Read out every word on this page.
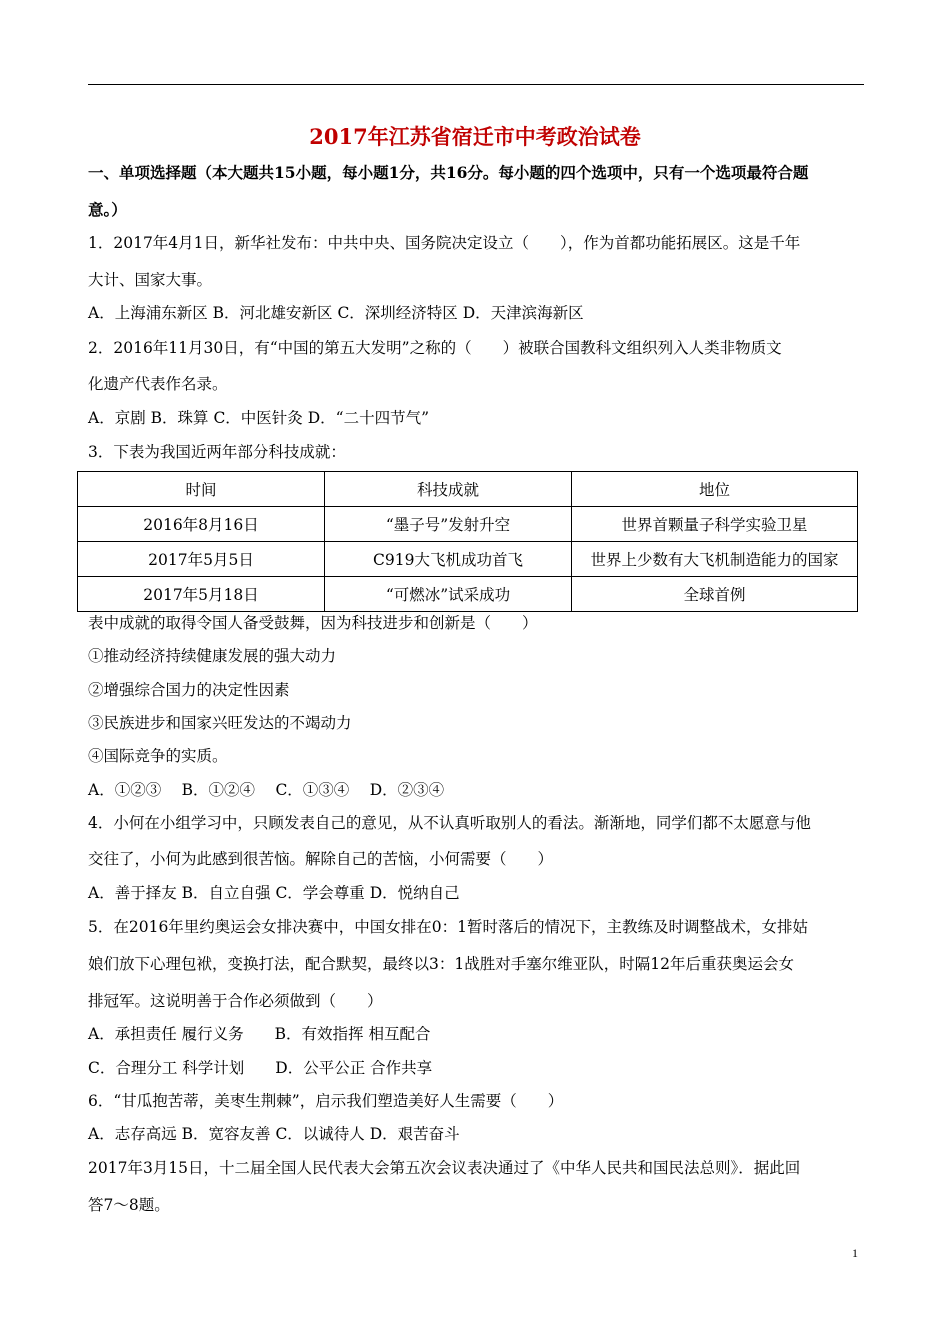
2017年江苏省宿迁市中考政治试卷
一、单项选择题（本大题共15小题，每小题1分，共16分。每小题的四个选项中，只有一个选项最符合题
意。）
1．2017年4月1日，新华社发布：中共中央、国务院决定设立（　　），作为首都功能拓展区。这是千年
大计、国家大事。
A．上海浦东新区 B．河北雄安新区 C．深圳经济特区 D．天津滨海新区
2．2016年11月30日，有“中国的第五大发明”之称的（　　）被联合国教科文组织列入人类非物质文
化遗产代表作名录。
A．京剧 B．珠算 C．中医针灸 D．“二十四节气”
3．下表为我国近两年部分科技成就：
时间	科技成就	地位
2016年8月16日	“墨子号”发射升空	世界首颗量子科学实验卫星
2017年5月5日	C919大飞机成功首飞	世界上少数有大飞机制造能力的国家
2017年5月18日	“可燃冰”试采成功	全球首例
表中成就的取得令国人备受鼓舞，因为科技进步和创新是（　　）
①推动经济持续健康发展的强大动力
②增强综合国力的决定性因素
③民族进步和国家兴旺发达的不竭动力
④国际竞争的实质。
A．①②③　 B．①②④　 C．①③④　 D．②③④
4．小何在小组学习中，只顾发表自己的意见，从不认真听取别人的看法。渐渐地，同学们都不太愿意与他
交往了，小何为此感到很苦恼。解除自己的苦恼，小何需要（　　）
A．善于择友 B．自立自强 C．学会尊重 D．悦纳自己
5．在2016年里约奥运会女排决赛中，中国女排在0：1暂时落后的情况下，主教练及时调整战术，女排姑
娘们放下心理包袱，变换打法，配合默契，最终以3：1战胜对手塞尔维亚队，时隔12年后重获奥运会女
排冠军。这说明善于合作必须做到（　　）
A．承担责任 履行义务　　B．有效指挥 相互配合
C．合理分工 科学计划　　D．公平公正 合作共享
6．“甘瓜抱苦蒂，美枣生荆棘”，启示我们塑造美好人生需要（　　）
A．志存高远 B．宽容友善 C．以诚待人 D．艰苦奋斗
2017年3月15日，十二届全国人民代表大会第五次会议表决通过了《中华人民共和国民法总则》．据此回
答7～8题。
1
